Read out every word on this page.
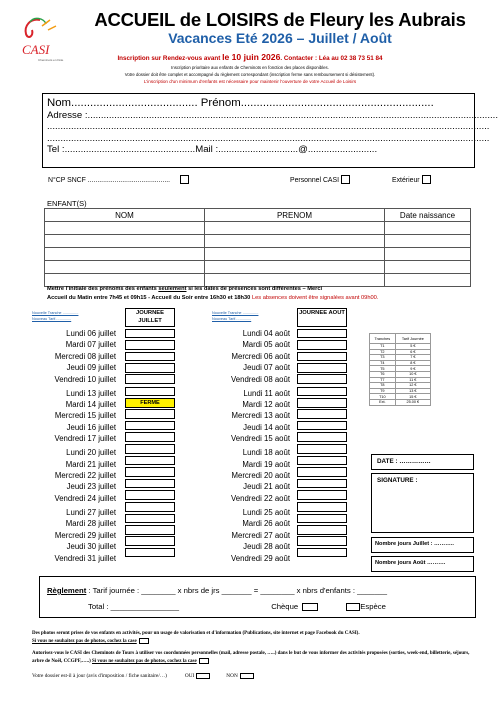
CASI
Cheminots en Fête
ACCUEIL de LOISIRS de Fleury les Aubrais
Vacances Eté 2026 – Juillet / Août
Inscription sur Rendez-vous avant le 10 juin 2026. Contacter : Léa au 02 38 73 51 84
Inscription prioritaire aux enfants de Cheminots en fonction des places disponibles.
Votre dossier doit être complet et accompagné du règlement correspondant (inscription ferme sans remboursement si désistement).
L'inscription d'un minimum d'enfants est nécessaire pour maintenir l'ouverture de votre Accueil de Loisirs
Nom........................................ Prénom.............................................................
Adresse :..........................................................................................................................................................
......................................................................................................................................................................
......................................................................................................................................................................
Tel :.................................................Mail :..............................@..........................
N°CP SNCF ...........................................	Personnel CASI	Extérieur
ENFANT(S)
NOM	PRENOM	Date naissance

Mettre l'initiale des prénoms des enfants seulement si les dates de présences sont différentes – Merci
Accueil du Matin entre 7h45 et 09h15 - Accueil du Soir entre 16h30 et 18h30 Les absences doivent être signalées avant 09h00.
Nouvelle Tranche ...............
Nouveau Tarif...............
JOURNEE JUILLET
Lundi 06 juillet
Mardi 07 juillet
Mercredi 08 juillet
Jeudi 09 juillet
Vendredi 10 juillet
Lundi 13 juillet
Mardi 14 juillet
Mercredi 15 juillet
Jeudi 16 juillet
Vendredi 17 juillet
Lundi 20 juillet
Mardi 21 juillet
Mercredi 22 juillet
Jeudi 23 juillet
Vendredi 24 juillet
Lundi 27 juillet
Mardi 28 juillet
Mercredi 29 juillet
Jeudi 30 juillet
Vendredi 31 juillet
FERME
Nouvelle Tranche ...............
Nouveau Tarif...............
JOURNEE AOUT
Lundi 04 août
Mardi 05 août
Mercredi 06 août
Jeudi 07 août
Vendredi 08 août
Lundi 11 août
Mardi 12 août
Mercredi 13 août
Jeudi 14 août
Vendredi 15 août
Lundi 18 août
Mardi 19 août
Mercredi 20 août
Jeudi 21 août
Vendredi 22 août
Lundi 25 août
Mardi 26 août
Mercredi 27 août
Jeudi 28 août
Vendredi 29 août
Tranches	Tarif Journée
T1	5 €
T2	6 €
T3	7 €
T4	8 €
T5	9 €
T6	10 €
T7	11 €
T8	12 €
T9	13 €
T10	15 €
Ext.	25.00 €
DATE : ……………
SIGNATURE :
Nombre jours Juillet : ………..
Nombre jours Août ……….
Règlement : Tarif journée : ________ x nbrs de jrs _______ = ________ x nbrs d'enfants : _______
Total : ________________	Chèque	Espèce
Des photos seront prises de vos enfants en activités, pour un usage de valorisation et d'information (Publications, site internet et page Facebook du CASI).
Si vous ne souhaitez pas de photos, cochez la case
Autorisez-vous le CASI des Cheminots de Tours à utiliser vos coordonnées personnelles (mail, adresse postale, …..) dans le but de vous informer des activités proposées (sorties, week-end, billetterie, séjours, arbre de Noël, CCGPF,…..) Si vous ne souhaitez pas de photos, cochez la case
Votre dossier est-il à jour (avis d'imposition / fiche sanitaire/…)	OUI	NON
